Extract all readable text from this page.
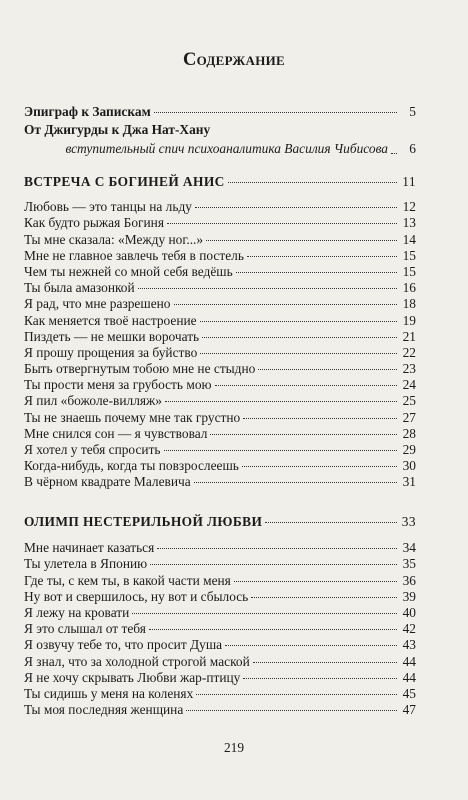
Содержание
Эпиграф к Запискам	5
От Джигурды к Джа Нат-Хану
вступительный спич психоаналитика Василия Чибисова	6
ВСТРЕЧА С БОГИНЕЙ АНИС	11
Любовь — это танцы на льду	12
Как будто рыжая Богиня	13
Ты мне сказала: «Между ног...»	14
Мне не главное завлечь тебя в постель	15
Чем ты нежней со мной себя ведёшь	15
Ты была амазонкой	16
Я рад, что мне разрешено	18
Как меняется твоё настроение	19
Пиздеть — не мешки ворочать	21
Я прошу прощения за буйство	22
Быть отвергнутым тобою мне не стыдно	23
Ты прости меня за грубость мою	24
Я пил «божоле-вилляж»	25
Ты не знаешь почему мне так грустно	27
Мне снился сон — я чувствовал	28
Я хотел у тебя спросить	29
Когда-нибудь, когда ты повзрослеешь	30
В чёрном квадрате Малевича	31
ОЛИМП НЕСТЕРИЛЬНОЙ ЛЮБВИ	33
Мне начинает казаться	34
Ты улетела в Японию	35
Где ты, с кем ты, в какой части меня	36
Ну вот и свершилось, ну вот и сбылось	39
Я лежу на кровати	40
Я это слышал от тебя	42
Я озвучу тебе то, что просит Душа	43
Я знал, что за холодной строгой маской	44
Я не хочу скрывать Любви жар-птицу	44
Ты сидишь у меня на коленях	45
Ты моя последняя женщина	47
219
